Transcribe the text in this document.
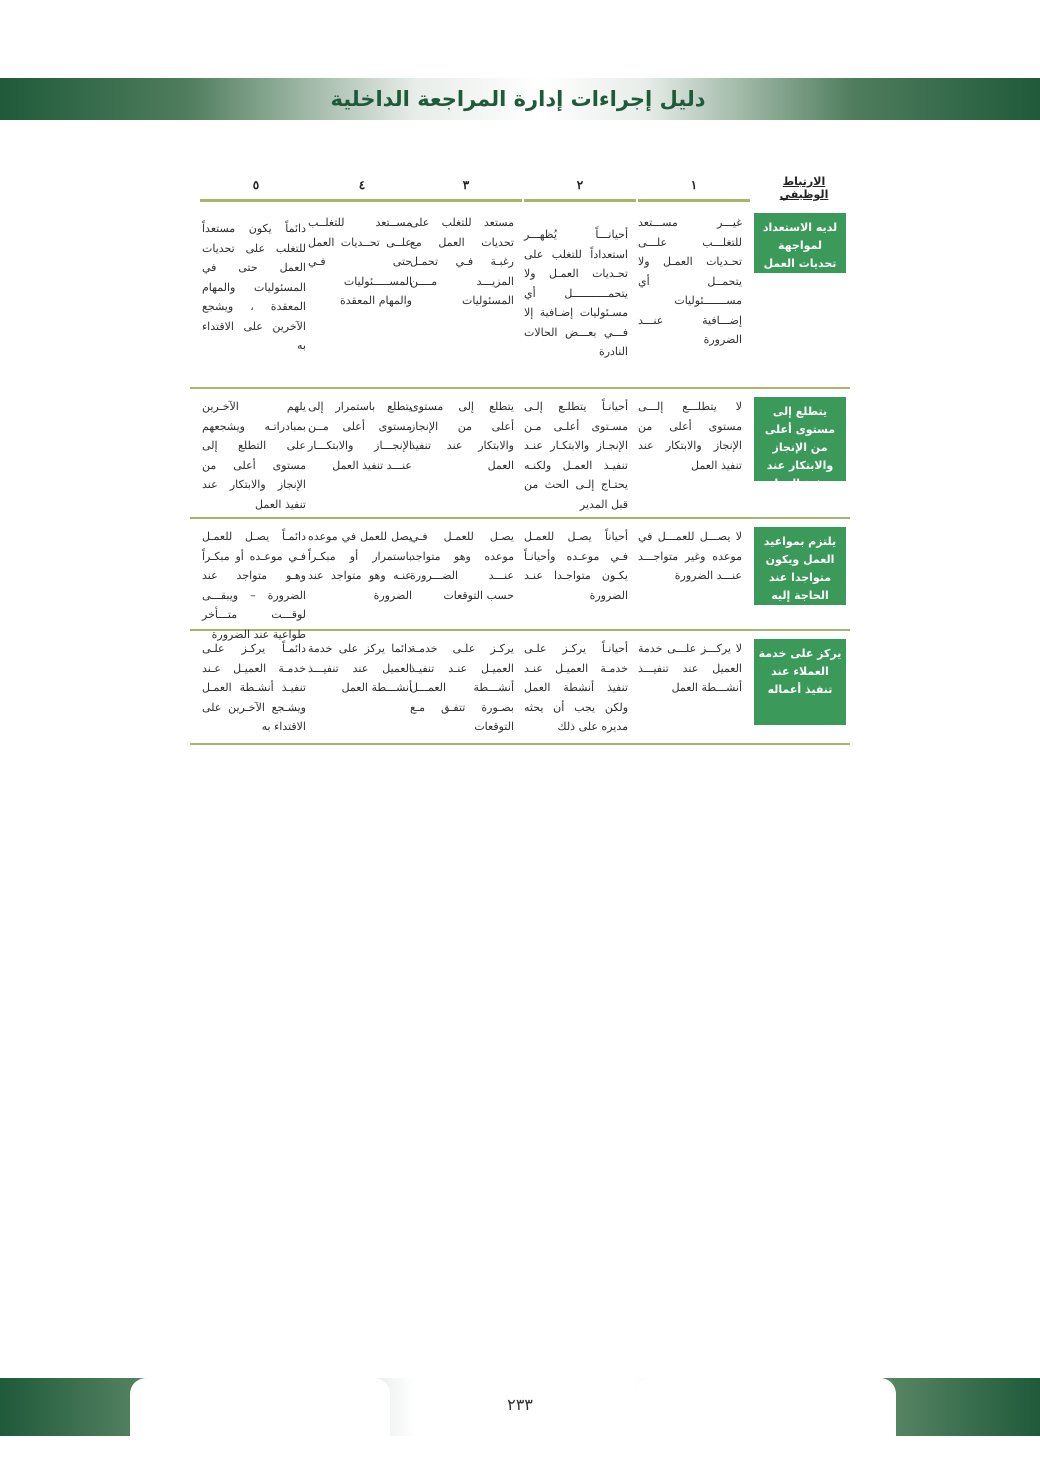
دليل إجراءات إدارة المراجعة الداخلية
الارتباط الوظيفي
١
٢
٣
٤
٥
لديه الاستعداد لمواجهة تحديات العمل
غيـــر مســـتعد للتغلـــب علـــى تحـديات العمـل ولا يتحمــل أي مســـــــئوليات إضـــافية عنـــد الضرورة
أحيانـــاً يُظهـــر استعداداً للتغلب على تحـديات العمـل ولا يتحمـــــــــــل أي مسـئوليات إضـافية إلا فـــي بعـــض الحالات النادرة
مستعد للتغلب على تحديات العمل مع رغبـة فـي تحمـل المزيـــد مــــن المسئوليات
مســتعد للتغلــب علــى تحــديات العمل حتى فـي المســـــئوليات والمهام المعقدة
دائماً يكون مستعداً للتغلب على تحديات العمل حتى في المسئوليات والمهام المعقدة ، ويشجع الآخرين على الاقتداء به
يتطلع إلى مستوى أعلى من الإنجاز والابتكار عند تنفيذ العمل
لا يتطلـــع إلـــى مستوى أعلى من الإنجاز والابتكار عند تنفيذ العمل
أحيانـاً يتطلـع إلـى مسـتوى أعلـى مـن الإنجـاز والابتكـار عنـد تنفيـذ العمـل ولكنـه يحتـاج إلـى الحث من قبل المدير
يتطلع إلى مستوى أعلى من الإنجاز والابتكار عند تنفيذ العمل
يتطلع باستمرار إلى مستوى أعلى مــن الإنجـــاز والابتكـــار عنـــد تنفيذ العمل
يلهم الآخـرين بمبادراتـه ويشجعهم على التطلع إلى مستوى أعلى من الإنجاز والابتكار عند تنفيذ العمل
يلتزم بمواعيد العمل ويكون متواجدا عند الحاجة إليه
لا يصـــل للعمـــل في موعده وغير متواجـــد عنـــد الضرورة
أحياناً يصـل للعمـل فـي موعـده وأحيانـاً يكـون متواجـدا عنـد الضرورة
يصـل للعمـل فـي موعده وهو متواجد عنـــد الضـــرورة حسب التوقعات
يصل للعمل في موعده باستمرار أو مبكـراً عنـه وهو متواجد عند الضرورة
دائمـاً يصـل للعمـل فـي موعـده أو مبكـراً وهـو متواجد عند الضرورة – ويبقـــى لوقـــت متـــأخر طواعية عند الضرورة
يركز على خدمة العملاء عند تنفيذ أعماله
لا يركـــز علـــى خدمة العميل عند تنفيـــذ أنشـــطة العمل
أحيانـاً يركـز علـى خدمـة العميـل عنـد تنفيذ أنشطة العمل ولكن يجب أن يحثه مديره على ذلك
يركـز علـى خدمـة العميـل عنـد تنفيـذ أنشـــطة العمـــل بصـورة تتفـق مـع التوقعات
دائما يركز على خدمة العميل عند تنفيـــذ أنشـــطة العمل
دائمـاً يركـز علـى خدمـة العميـل عـند تنفيـذ أنشـطة العمـل ويشـجع الآخـرين على الاقتداء به
٢٣٣
